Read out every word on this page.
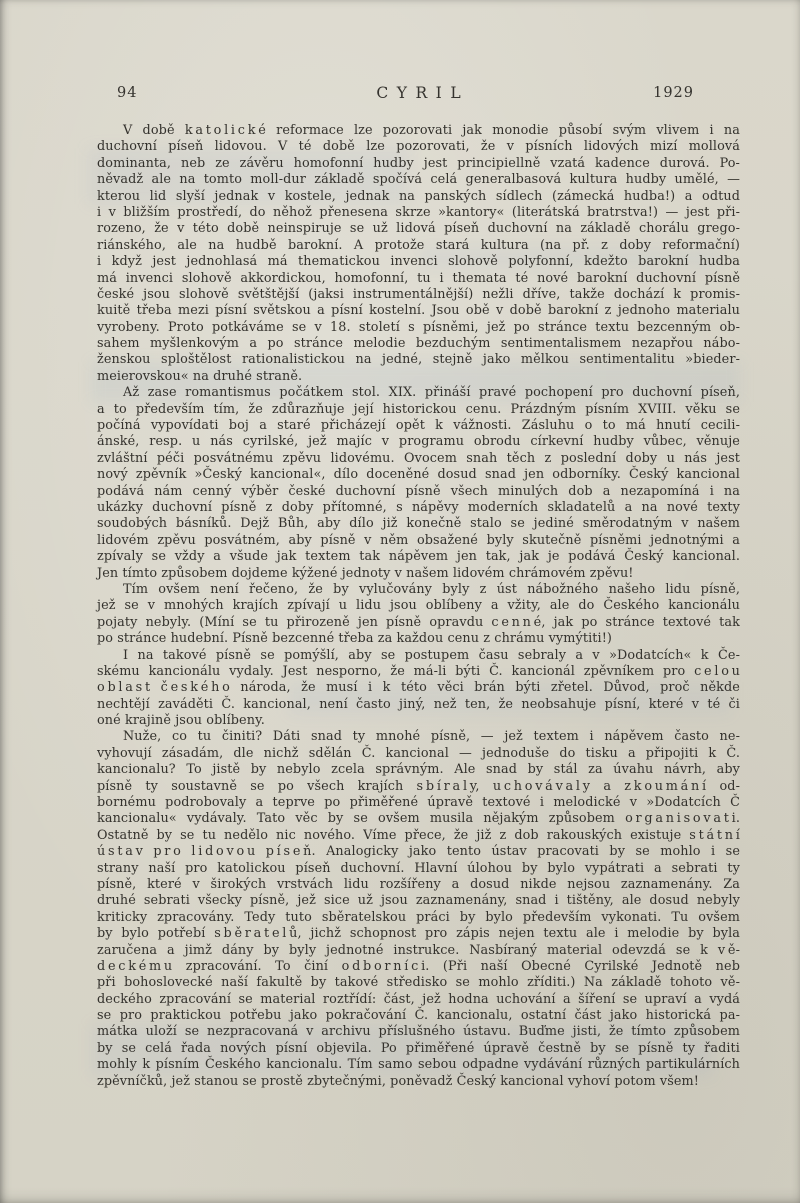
94	CYRIL	1929
V době k a t o l i c k é reformace lze pozorovati jak monodie působí svým vlivem i na
duchovní píseň lidovou. V té době lze pozorovati, že v písních lidových mizí mollová
dominanta, neb ze závěru homofonní hudby jest principiellně vzatá kadence durová. Po-
něvadž ale na tomto moll-dur základě spočívá celá generalbasová kultura hudby umělé, —
kterou lid slyší jednak v kostele, jednak na panských sídlech (zámecká hudba!) a odtud
i v bližším prostředí, do něhož přenesena skrze »kantory« (literátská bratrstva!) — jest při-
rozeno, že v této době neinspiruje se už lidová píseň duchovní na základě chorálu grego-
riánského, ale na hudbě barokní. A protože stará kultura (na př. z doby reformační)
i když jest jednohlasá má thematickou invenci slohově polyfonní, kdežto barokní hudba
má invenci slohově akkordickou, homofonní, tu i themata té nové barokní duchovní písně
české jsou slohově světštější (jaksi instrumentálnější) nežli dříve, takže dochází k promis-
kuitě třeba mezi písní světskou a písní kostelní. Jsou obě v době barokní z jednoho materialu
vyrobeny. Proto potkáváme se v 18. století s písněmi, jež po stránce textu bezcenným ob-
sahem myšlenkovým a po stránce melodie bezduchým sentimentalismem nezapřou nábo-
ženskou sploštělost rationalistickou na jedné, stejně jako mělkou sentimentalitu »bieder-
meierovskou« na druhé straně.
Až zase romantismus počátkem stol. XIX. přináší pravé pochopení pro duchovní píseň,
a to především tím, že zdůrazňuje její historickou cenu. Prázdným písním XVIII. věku se
počíná vypovídati boj a staré přicházejí opět k vážnosti. Zásluhu o to má hnutí cecili-
ánské, resp. u nás cyrilské, jež majíc v programu obrodu církevní hudby vůbec, věnuje
zvláštní péči posvátnému zpěvu lidovému. Ovocem snah těch z poslední doby u nás jest
nový zpěvník »Český kancional«, dílo doceněné dosud snad jen odborníky. Český kancional
podává nám cenný výběr české duchovní písně všech minulých dob a nezapomíná i na
ukázky duchovní písně z doby přítomné, s nápěvy moderních skladatelů a na nové texty
soudobých básníků. Dejž Bůh, aby dílo již konečně stalo se jediné směrodatným v našem
lidovém zpěvu posvátném, aby písně v něm obsažené byly skutečně písněmi jednotnými a
zpívaly se vždy a všude jak textem tak nápěvem jen tak, jak je podává Český kancional.
Jen tímto způsobem dojdeme kýžené jednoty v našem lidovém chrámovém zpěvu!
Tím ovšem není řečeno, že by vylučovány byly z úst nábožného našeho lidu písně,
jež se v mnohých krajích zpívají u lidu jsou oblíbeny a vžity, ale do Českého kancionálu
pojaty nebyly. (Míní se tu přirozeně jen písně opravdu c e n n é, jak po stránce textové tak
po stránce hudební. Písně bezcenné třeba za každou cenu z chrámu vymýtiti!)
I na takové písně se pomýšlí, aby se postupem času sebraly a v »Dodatcích« k Če-
skému kancionálu vydaly. Jest nesporno, že má-li býti Č. kancionál zpěvníkem pro c e l o u
o b l a s t č e s k é h o národa, že musí i k této věci brán býti zřetel. Důvod, proč někde
nechtějí zaváděti Č. kancional, není často jiný, než ten, že neobsahuje písní, které v té či
oné krajině jsou oblíbeny.
Nuže, co tu činiti? Dáti snad ty mnohé písně, — jež textem i nápěvem často ne-
vyhovují zásadám, dle nichž sdělán Č. kancional — jednoduše do tisku a připojiti k Č.
kancionalu? To jistě by nebylo zcela správným. Ale snad by stál za úvahu návrh, aby
písně ty soustavně se po všech krajích s b í r a l y, u c h o v á v a l y a z k o u m á n í od-
bornému podrobovaly a teprve po přiměřené úpravě textové i melodické v »Dodatcích Č
kancionalu« vydávaly. Tato věc by se ovšem musila nějakým způsobem o r g a n i s o v a t i.
Ostatně by se tu nedělo nic nového. Víme přece, že již z dob rakouských existuje s t á t n í
ú s t a v p r o l i d o v o u p í s e ň. Analogicky jako tento ústav pracovati by se mohlo i se
strany naší pro katolickou píseň duchovní. Hlavní úlohou by bylo vypátrati a sebrati ty
písně, které v širokých vrstvách lidu rozšířeny a dosud nikde nejsou zaznamenány. Za
druhé sebrati všecky písně, jež sice už jsou zaznamenány, snad i tištěny, ale dosud nebyly
kriticky zpracovány. Tedy tuto sběratelskou práci by bylo především vykonati. Tu ovšem
by bylo potřebí s b ě r a t e l ů, jichž schopnost pro zápis nejen textu ale i melodie by byla
zaručena a jimž dány by byly jednotné instrukce. Nasbíraný material odevzdá se k v ě-
d e c k é m u zpracování. To činí o d b o r n í c i. (Při naší Obecné Cyrilské Jednotě neb
při bohoslovecké naší fakultě by takové středisko se mohlo zříditi.) Na základě tohoto vě-
deckého zpracování se material roztřídí: část, jež hodna uchování a šíření se upraví a vydá
se pro praktickou potřebu jako pokračování Č. kancionalu, ostatní část jako historická pa-
mátka uloží se nezpracovaná v archivu příslušného ústavu. Buďme jisti, že tímto způsobem
by se celá řada nových písní objevila. Po přiměřené úpravě čestně by se písně ty řaditi
mohly k písním Českého kancionalu. Tím samo sebou odpadne vydávání různých partikulárních
zpěvníčků, jež stanou se prostě zbytečnými, poněvadž Český kancional vyhoví potom všem!
